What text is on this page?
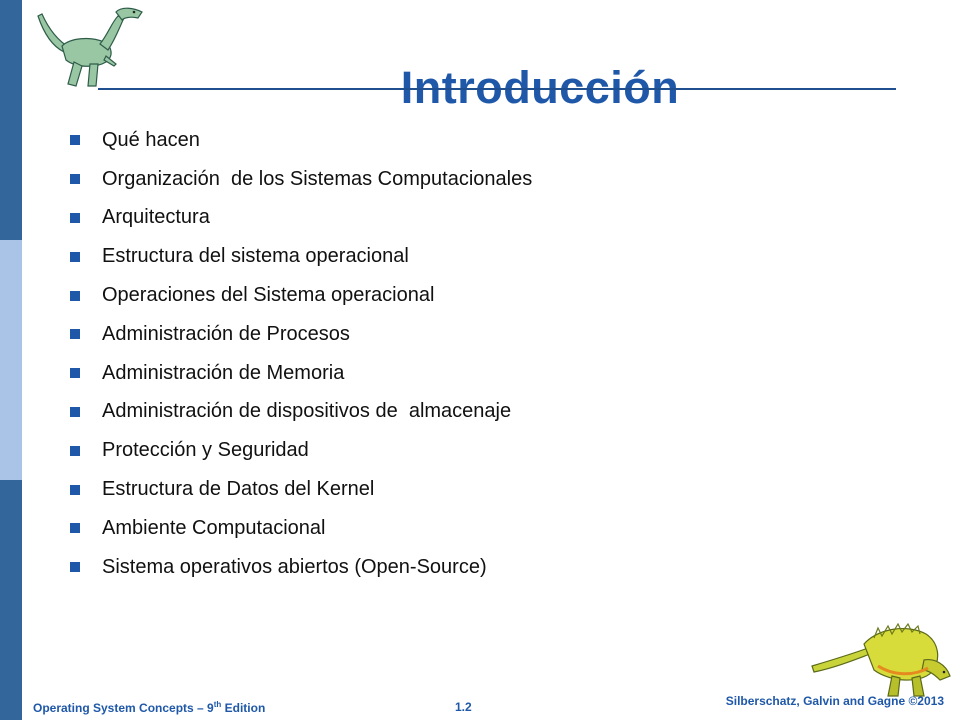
Introducción
Qué hacen
Organización  de los Sistemas Computacionales
Arquitectura
Estructura del sistema operacional
Operaciones del Sistema operacional
Administración de Procesos
Administración de Memoria
Administración de dispositivos de  almacenaje
Protección y Seguridad
Estructura de Datos del Kernel
Ambiente Computacional
Sistema operativos abiertos (Open-Source)
Operating System Concepts – 9th Edition	1.2	Silberschatz, Galvin and Gagne ©2013
